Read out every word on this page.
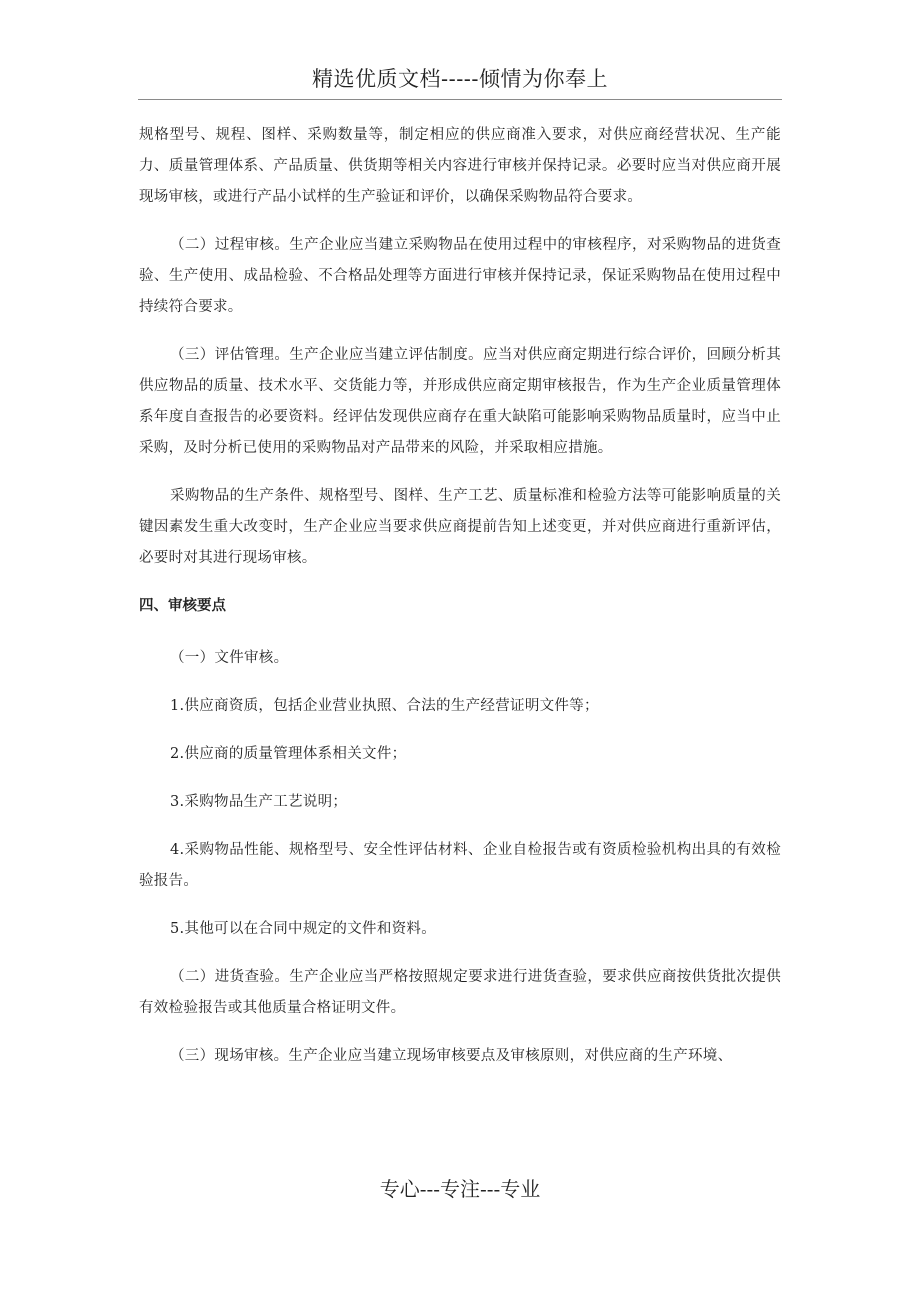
精选优质文档-----倾情为你奉上

规格型号、规程、图样、采购数量等，制定相应的供应商准入要求，对供应商经营状况、生产能力、质量管理体系、产品质量、供货期等相关内容进行审核并保持记录。必要时应当对供应商开展现场审核，或进行产品小试样的生产验证和评价，以确保采购物品符合要求。

（二）过程审核。生产企业应当建立采购物品在使用过程中的审核程序，对采购物品的进货查验、生产使用、成品检验、不合格品处理等方面进行审核并保持记录，保证采购物品在使用过程中持续符合要求。

（三）评估管理。生产企业应当建立评估制度。应当对供应商定期进行综合评价，回顾分析其供应物品的质量、技术水平、交货能力等，并形成供应商定期审核报告，作为生产企业质量管理体系年度自查报告的必要资料。经评估发现供应商存在重大缺陷可能影响采购物品质量时，应当中止采购，及时分析已使用的采购物品对产品带来的风险，并采取相应措施。

采购物品的生产条件、规格型号、图样、生产工艺、质量标准和检验方法等可能影响质量的关键因素发生重大改变时，生产企业应当要求供应商提前告知上述变更，并对供应商进行重新评估，必要时对其进行现场审核。

四、审核要点

（一）文件审核。

1.供应商资质，包括企业营业执照、合法的生产经营证明文件等；

2.供应商的质量管理体系相关文件；

3.采购物品生产工艺说明；

4.采购物品性能、规格型号、安全性评估材料、企业自检报告或有资质检验机构出具的有效检验报告。

5.其他可以在合同中规定的文件和资料。

（二）进货查验。生产企业应当严格按照规定要求进行进货查验，要求供应商按供货批次提供有效检验报告或其他质量合格证明文件。

（三）现场审核。生产企业应当建立现场审核要点及审核原则，对供应商的生产环境、

专心---专注---专业
